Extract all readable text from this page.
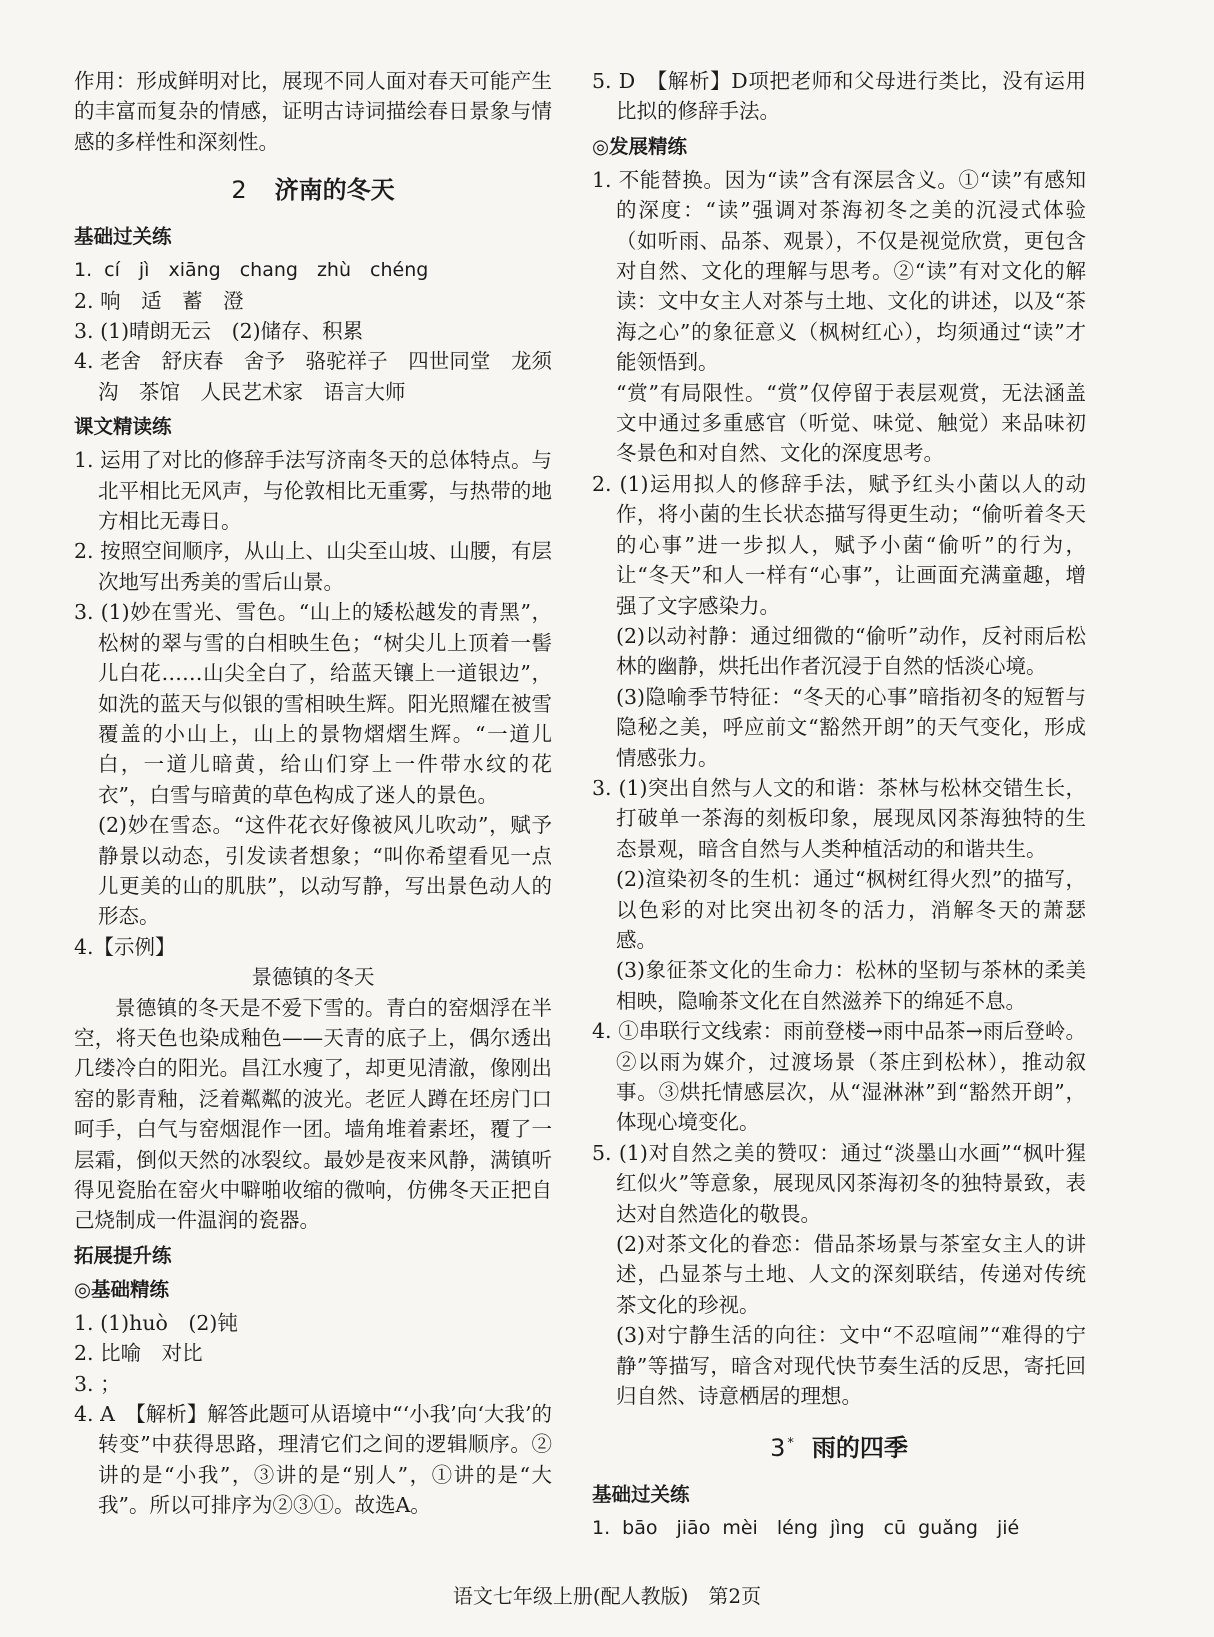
作用：形成鲜明对比，展现不同人面对春天可能产生的丰富而复杂的情感，证明古诗词描绘春日景象与情感的多样性和深刻性。

2 济南的冬天
基础过关练

1. cí　jì　xiāng　chang　zhù　chéng

2. 响　适　蓄　澄

3. (1)晴朗无云　(2)储存、积累

4. 老舍　舒庆春　舍予　骆驼祥子　四世同堂　龙须沟　茶馆　人民艺术家　语言大师

课文精读练

1. 运用了对比的修辞手法写济南冬天的总体特点。与北平相比无风声，与伦敦相比无重雾，与热带的地方相比无毒日。

2. 按照空间顺序，从山上、山尖至山坡、山腰，有层次地写出秀美的雪后山景。

3. (1)妙在雪光、雪色。“山上的矮松越发的青黑”，松树的翠与雪的白相映生色；“树尖儿上顶着一髻儿白花……山尖全白了，给蓝天镶上一道银边”，如洗的蓝天与似银的雪相映生辉。阳光照耀在被雪覆盖的小山上，山上的景物熠熠生辉。“一道儿白，一道儿暗黄，给山们穿上一件带水纹的花衣”，白雪与暗黄的草色构成了迷人的景色。

(2)妙在雪态。“这件花衣好像被风儿吹动”，赋予静景以动态，引发读者想象；“叫你希望看见一点儿更美的山的肌肤”，以动写静，写出景色动人的形态。

4.【示例】

景德镇的冬天

景德镇的冬天是不爱下雪的。青白的窑烟浮在半空，将天色也染成釉色——天青的底子上，偶尔透出几缕冷白的阳光。昌江水瘦了，却更见清澈，像刚出窑的影青釉，泛着粼粼的波光。老匠人蹲在坯房门口呵手，白气与窑烟混作一团。墙角堆着素坯，覆了一层霜，倒似天然的冰裂纹。最妙是夜来风静，满镇听得见瓷胎在窑火中噼啪收缩的微响，仿佛冬天正把自己烧制成一件温润的瓷器。

拓展提升练
◎基础精练

1. (1)huò　(2)钝

2. 比喻　对比

3. ；

4. A　【解析】解答此题可从语境中“‘小我’向‘大我’的转变”中获得思路，理清它们之间的逻辑顺序。②讲的是“小我”，③讲的是“别人”，①讲的是“大我”。所以可排序为②③①。故选A。

5. D　【解析】D项把老师和父母进行类比，没有运用比拟的修辞手法。

◎发展精练

1. 不能替换。因为“读”含有深层含义。①“读”有感知的深度：“读”强调对茶海初冬之美的沉浸式体验（如听雨、品茶、观景），不仅是视觉欣赏，更包含对自然、文化的理解与思考。②“读”有对文化的解读：文中女主人对茶与土地、文化的讲述，以及“茶海之心”的象征意义（枫树红心），均须通过“读”才能领悟到。

“赏”有局限性。“赏”仅停留于表层观赏，无法涵盖文中通过多重感官（听觉、味觉、触觉）来品味初冬景色和对自然、文化的深度思考。

2. (1)运用拟人的修辞手法，赋予红头小菌以人的动作，将小菌的生长状态描写得更生动；“偷听着冬天的心事”进一步拟人，赋予小菌“偷听”的行为，让“冬天”和人一样有“心事”，让画面充满童趣，增强了文字感染力。

(2)以动衬静：通过细微的“偷听”动作，反衬雨后松林的幽静，烘托出作者沉浸于自然的恬淡心境。

(3)隐喻季节特征：“冬天的心事”暗指初冬的短暂与隐秘之美，呼应前文“豁然开朗”的天气变化，形成情感张力。

3. (1)突出自然与人文的和谐：茶林与松林交错生长，打破单一茶海的刻板印象，展现凤冈茶海独特的生态景观，暗含自然与人类种植活动的和谐共生。

(2)渲染初冬的生机：通过“枫树红得火烈”的描写，以色彩的对比突出初冬的活力，消解冬天的萧瑟感。

(3)象征茶文化的生命力：松林的坚韧与茶林的柔美相映，隐喻茶文化在自然滋养下的绵延不息。

4. ①串联行文线索：雨前登楼→雨中品茶→雨后登岭。②以雨为媒介，过渡场景（茶庄到松林），推动叙事。③烘托情感层次，从“湿淋淋”到“豁然开朗”，体现心境变化。

5. (1)对自然之美的赞叹：通过“淡墨山水画”“枫叶猩红似火”等意象，展现凤冈茶海初冬的独特景致，表达对自然造化的敬畏。

(2)对茶文化的眷恋：借品茶场景与茶室女主人的讲述，凸显茶与土地、人文的深刻联结，传递对传统茶文化的珍视。

(3)对宁静生活的向往：文中“不忍喧闹”“难得的宁静”等描写，暗含对现代快节奏生活的反思，寄托回归自然、诗意栖居的理想。

3 * 雨的四季
基础过关练

1. bāo　jiāo mèi　léng jìng　cū guǎng　jié

语文七年级上册(配人教版)　第2页
